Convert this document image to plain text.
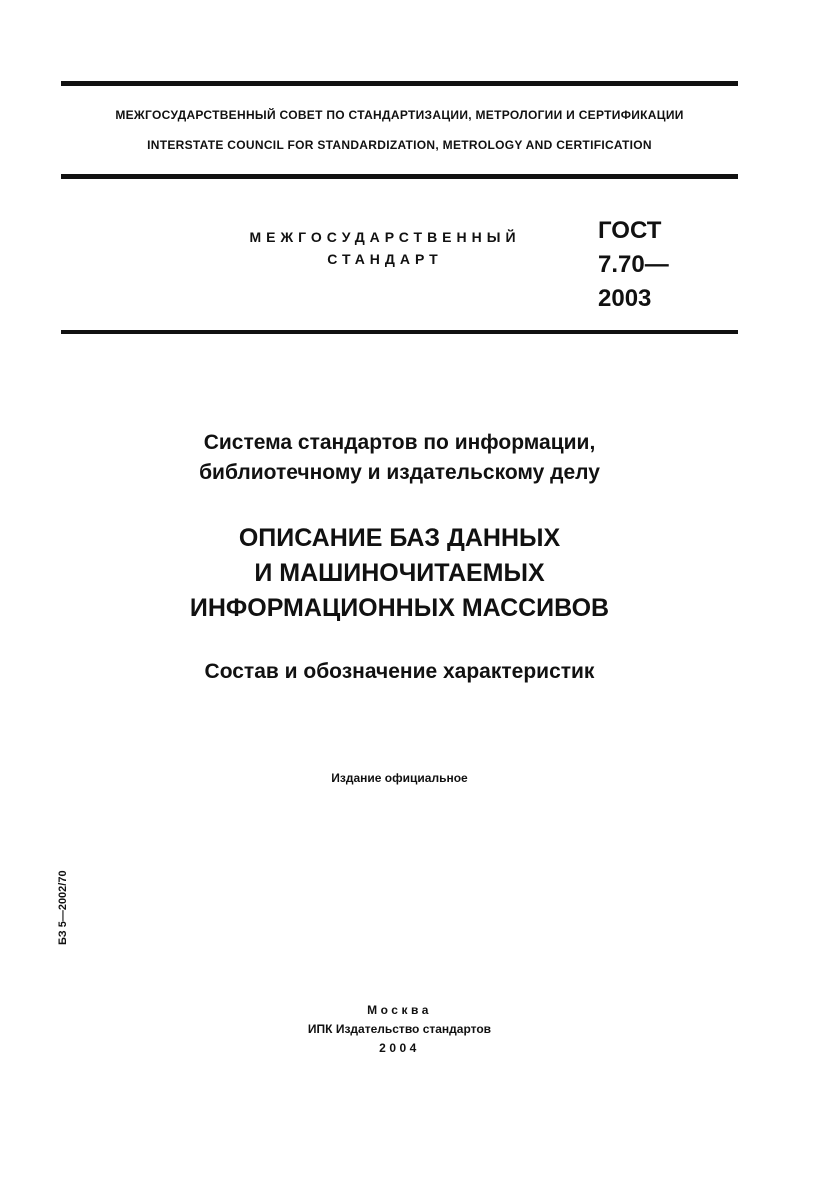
МЕЖГОСУДАРСТВЕННЫЙ СОВЕТ ПО СТАНДАРТИЗАЦИИ, МЕТРОЛОГИИ И СЕРТИФИКАЦИИ
INTERSTATE COUNCIL FOR STANDARDIZATION, METROLOGY AND CERTIFICATION
МЕЖГОСУДАРСТВЕННЫЙ
СТАНДАРТ
ГОСТ
7.70—
2003
Система стандартов по информации,
библиотечному и издательскому делу
ОПИСАНИЕ БАЗ ДАННЫХ
И МАШИНОЧИТАЕМЫХ
ИНФОРМАЦИОННЫХ МАССИВОВ
Состав и обозначение характеристик
Издание официальное
БЗ 5—2002/70
Москва
ИПК Издательство стандартов
2004
